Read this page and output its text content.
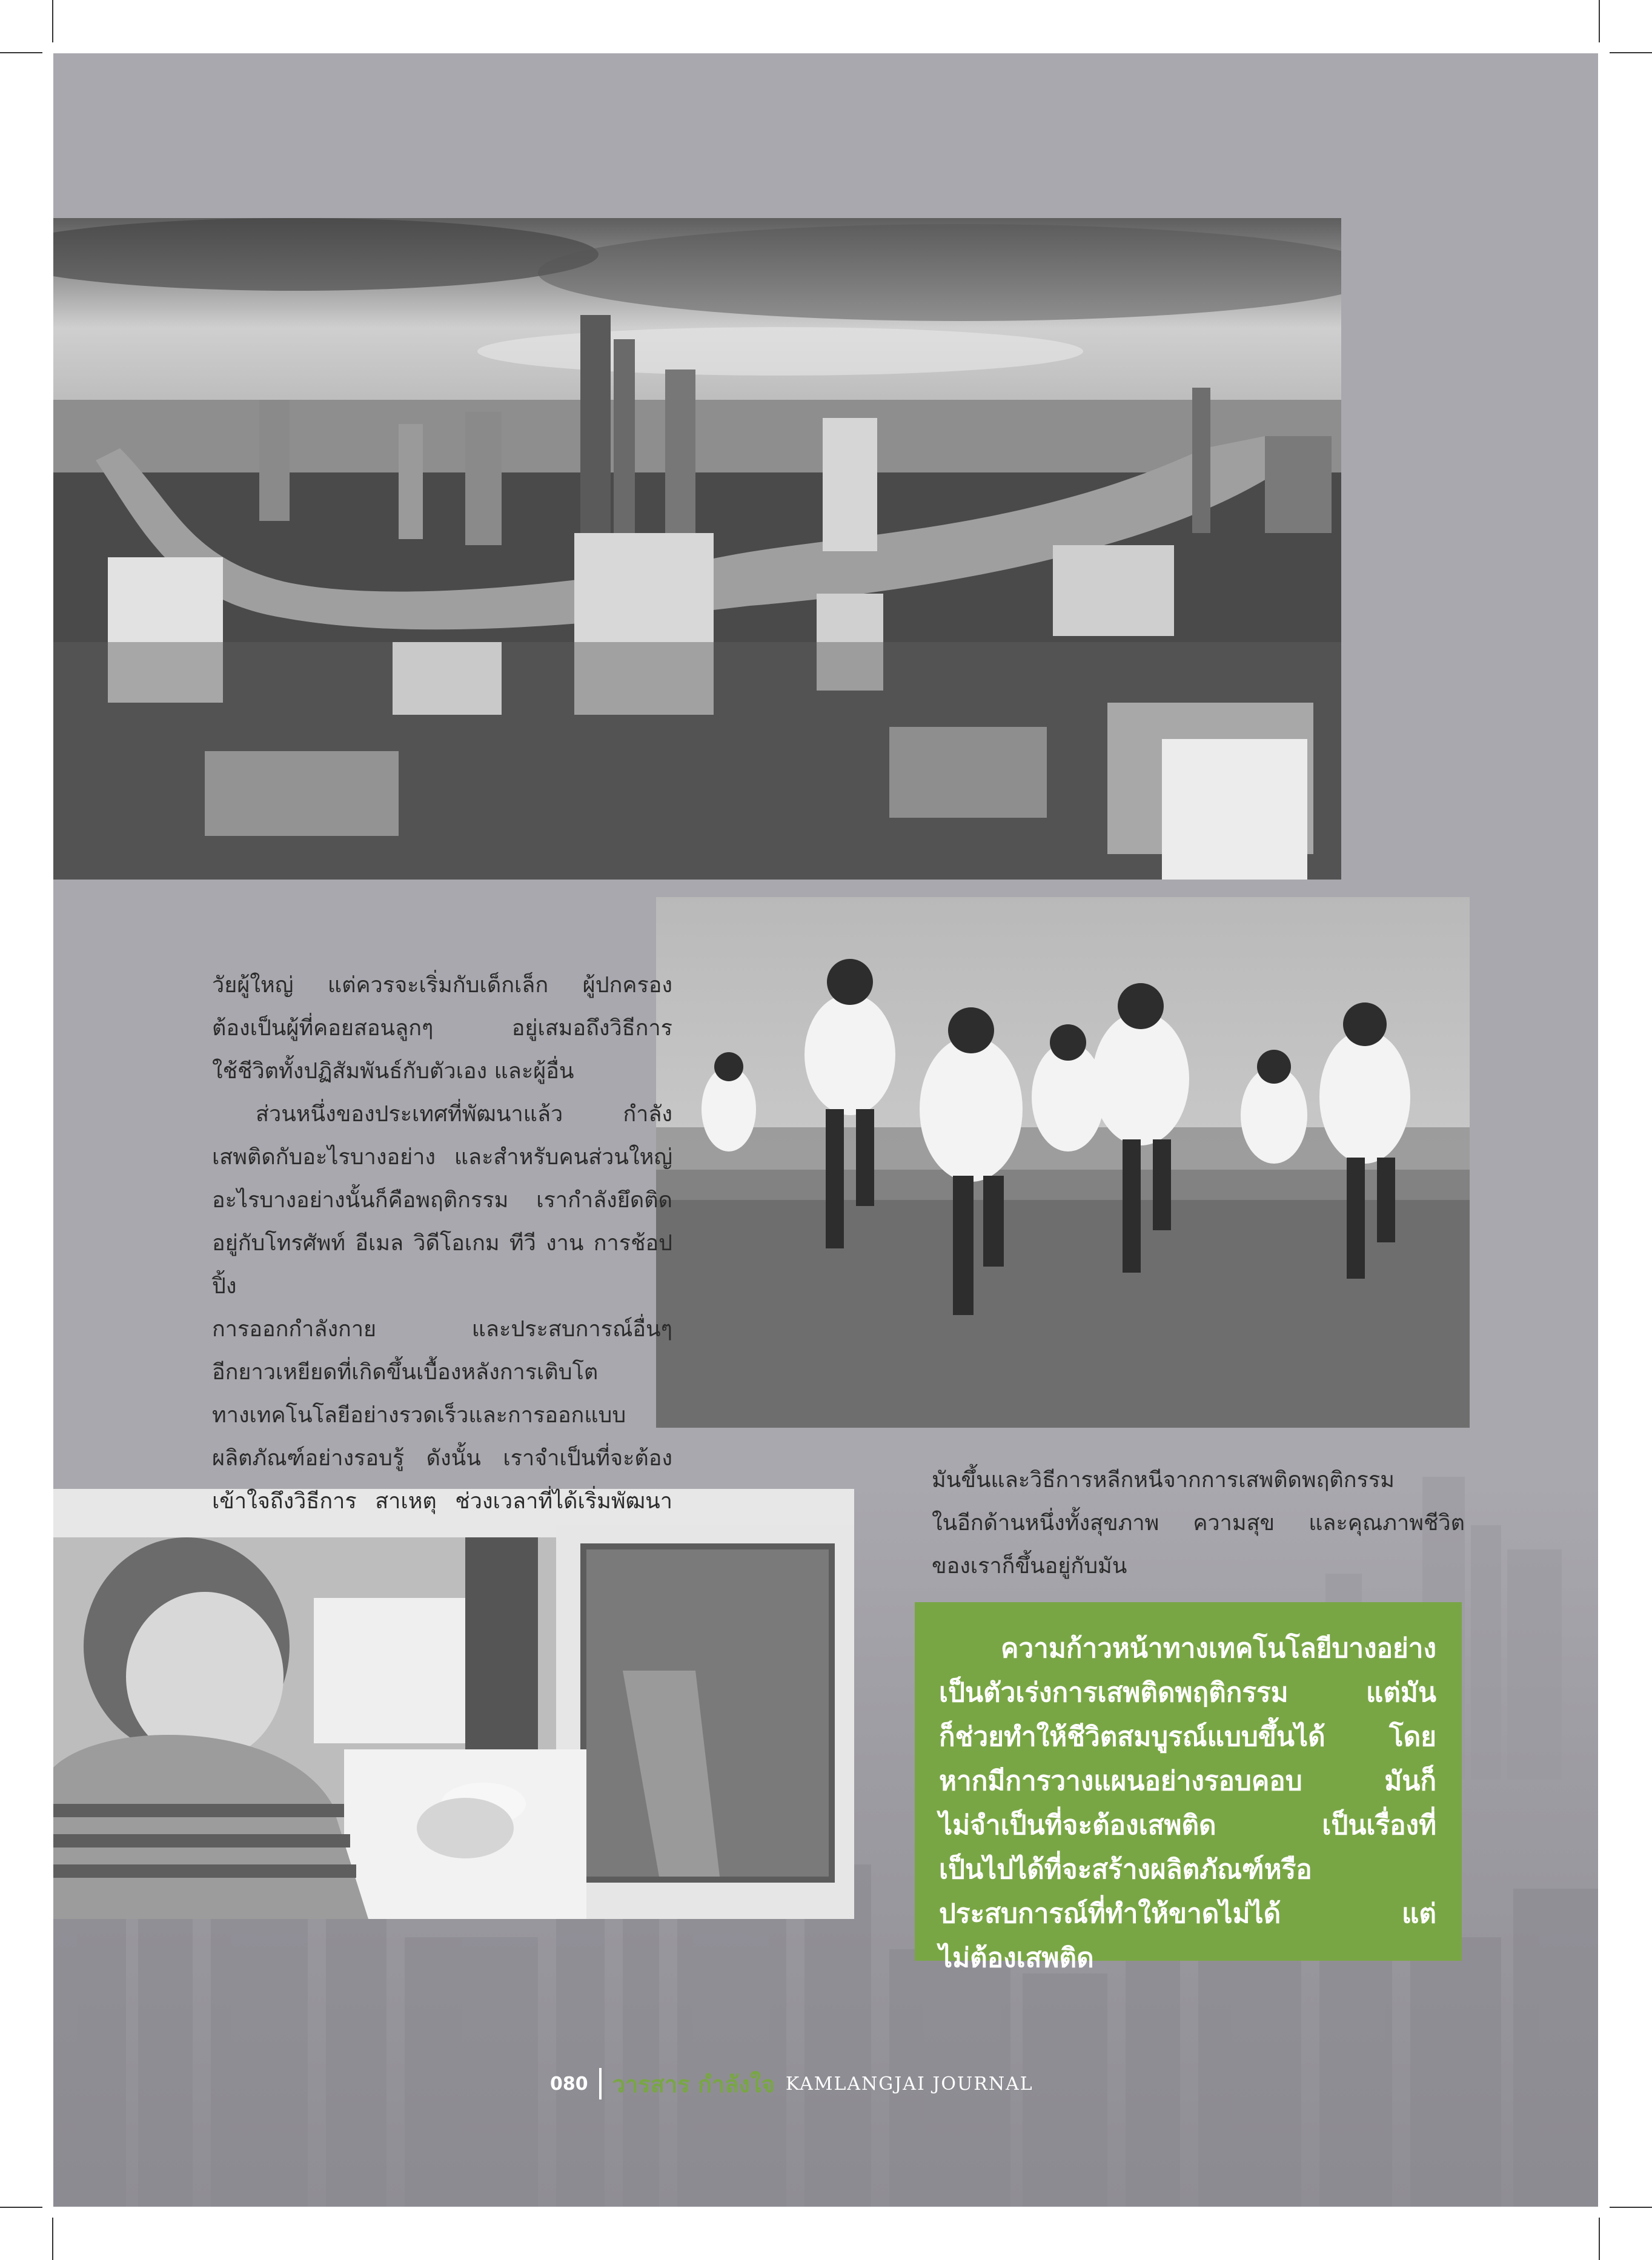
วัยผู้ใหญ่ แต่ควรจะเริ่มกับเด็กเล็ก ผู้ปกครอง

ต้องเป็นผู้ที่คอยสอนลูกๆ อยู่เสมอถึงวิธีการ

ใช้ชีวิตทั้งปฏิสัมพันธ์กับตัวเอง และผู้อื่น

ส่วนหนึ่งของประเทศที่พัฒนาแล้ว กำลัง

เสพติดกับอะไรบางอย่าง และสำหรับคนส่วนใหญ่

อะไรบางอย่างนั้นก็คือพฤติกรรม เรากำลังยึดติด

อยู่กับโทรศัพท์ อีเมล วิดีโอเกม ทีวี งาน การช้อปปิ้ง

การออกกำลังกาย และประสบการณ์อื่นๆ

อีกยาวเหยียดที่เกิดขึ้นเบื้องหลังการเติบโต

ทางเทคโนโลยีอย่างรวดเร็วและการออกแบบ

ผลิตภัณฑ์อย่างรอบรู้ ดังนั้น เราจำเป็นที่จะต้อง

เข้าใจถึงวิธีการ สาเหตุ ช่วงเวลาที่ได้เริ่มพัฒนา

มันขึ้นและวิธีการหลีกหนีจากการเสพติดพฤติกรรม

ในอีกด้านหนึ่งทั้งสุขภาพ ความสุข และคุณภาพชีวิต

ของเราก็ขึ้นอยู่กับมัน

ความก้าวหน้าทางเทคโนโลยีบางอย่าง

เป็นตัวเร่งการเสพติดพฤติกรรม แต่มัน

ก็ช่วยทำให้ชีวิตสมบูรณ์แบบขึ้นได้ โดย

หากมีการวางแผนอย่างรอบคอบ มันก็

ไม่จำเป็นที่จะต้องเสพติด เป็นเรื่องที่

เป็นไปได้ที่จะสร้างผลิตภัณฑ์หรือ

ประสบการณ์ที่ทำให้ขาดไม่ได้ แต่

ไม่ต้องเสพติด

080 วารสาร กำลังใจ KAMLANGJAI JOURNAL
